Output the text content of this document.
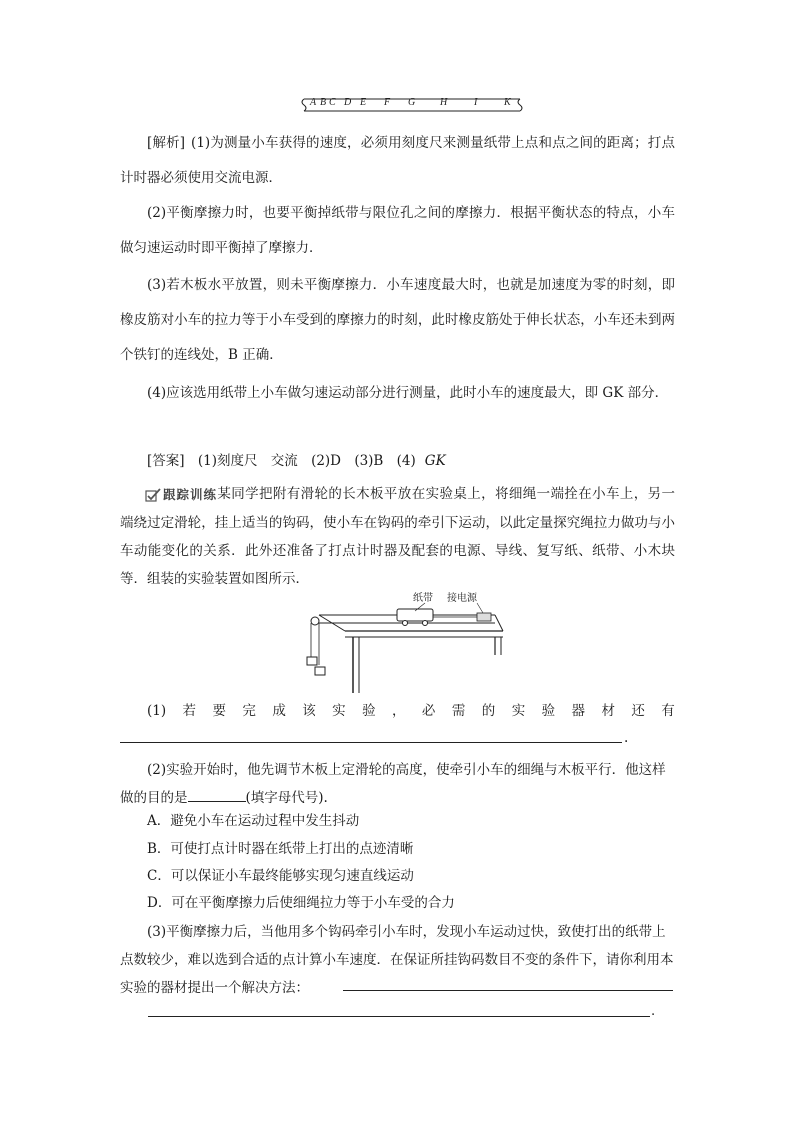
A B C D E F G H	I	K
[解析] (1)为测量小车获得的速度，必须用刻度尺来测量纸带上点和点之间的距离；打点计时器必须使用交流电源．
(2)平衡摩擦力时，也要平衡掉纸带与限位孔之间的摩擦力．根据平衡状态的特点，小车做匀速运动时即平衡掉了摩擦力．
(3)若木板水平放置，则未平衡摩擦力．小车速度最大时，也就是加速度为零的时刻，即橡皮筋对小车的拉力等于小车受到的摩擦力的时刻，此时橡皮筋处于伸长状态，小车还未到两个铁钉的连线处，B 正确．
(4)应该选用纸带上小车做匀速运动部分进行测量，此时小车的速度最大，即 GK 部分．
[答案] (1)刻度尺 交流 (2)D (3)B (4) GK
跟踪训练 某同学把附有滑轮的长木板平放在实验桌上，将细绳一端拴在小车上，另一端绕过定滑轮，挂上适当的钩码，使小车在钩码的牵引下运动，以此定量探究绳拉力做功与小车动能变化的关系．此外还准备了打点计时器及配套的电源、导线、复写纸、纸带、小木块等．组装的实验装置如图所示．
纸带 接电源
(1) 若 要 完 成 该 实 验 ， 必 需 的 实 验 器 材 还 有
.
(2)实验开始时，他先调节木板上定滑轮的高度，使牵引小车的细绳与木板平行．他这样做的目的是	(填字母代号).
A．避免小车在运动过程中发生抖动
B．可使打点计时器在纸带上打出的点迹清晰
C．可以保证小车最终能够实现匀速直线运动
D．可在平衡摩擦力后使细绳拉力等于小车受的合力
(3)平衡摩擦力后，当他用多个钩码牵引小车时，发现小车运动过快，致使打出的纸带上点数较少，难以选到合适的点计算小车速度．在保证所挂钩码数目不变的条件下，请你利用本实验的器材提出一个解决方法：
.
